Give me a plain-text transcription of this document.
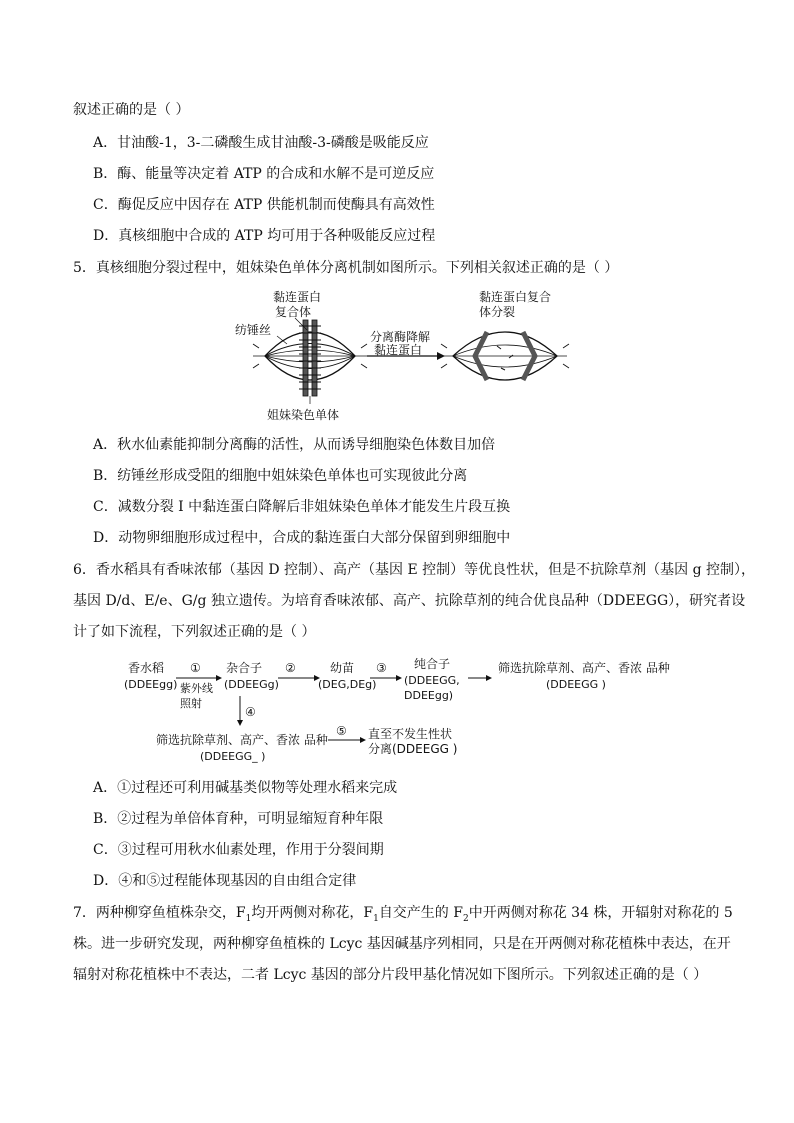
叙述正确的是（ ）
A．甘油酸-1，3-二磷酸生成甘油酸-3-磷酸是吸能反应
B．酶、能量等决定着 ATP 的合成和水解不是可逆反应
C．酶促反应中因存在 ATP 供能机制而使酶具有高效性
D．真核细胞中合成的 ATP 均可用于各种吸能反应过程
5．真核细胞分裂过程中，姐妹染色单体分离机制如图所示。下列相关叙述正确的是（ ）
黏连蛋白
复合体
纺锤丝
姐妹染色单体
分离酶降解
黏连蛋白
黏连蛋白复合
体分裂
A．秋水仙素能抑制分离酶的活性，从而诱导细胞染色体数目加倍
B．纺锤丝形成受阻的细胞中姐妹染色单体也可实现彼此分离
C．减数分裂 I 中黏连蛋白降解后非姐妹染色单体才能发生片段互换
D．动物卵细胞形成过程中，合成的黏连蛋白大部分保留到卵细胞中
6．香水稻具有香味浓郁（基因 D 控制）、高产（基因 E 控制）等优良性状，但是不抗除草剂（基因 g 控制），
基因 D/d、E/e、G/g 独立遗传。为培育香味浓郁、高产、抗除草剂的纯合优良品种（DDEEGG），研究者设
计了如下流程，下列叙述正确的是（ ）
香水稻
(DDEEgg)
①
紫外线
照射
杂合子
(DDEEGg)
②	幼苗
(DEG,DEg)
③ 纯合子
(DDEEGG,
DDEEgg)
筛选抗除草剂、高产、香浓 品种
(DDEEGG )
④
筛选抗除草剂、高产、香浓 品种
(DDEEGG_ )
⑤ 直至不发生性状
分离(DDEEGG )
A．①过程还可利用碱基类似物等处理水稻来完成
B．②过程为单倍体育种，可明显缩短育种年限
C．③过程可用秋水仙素处理，作用于分裂间期
D．④和⑤过程能体现基因的自由组合定律
7．两种柳穿鱼植株杂交，$F_1$均开两侧对称花，$F_1$自交产生的 $F_2$中开两侧对称花 34 株，开辐射对称花的 5
株。进一步研究发现，两种柳穿鱼植株的 Lcyc 基因碱基序列相同，只是在开两侧对称花植株中表达，在开
辐射对称花植株中不表达，二者 Lcyc 基因的部分片段甲基化情况如下图所示。下列叙述正确的是（ ）
